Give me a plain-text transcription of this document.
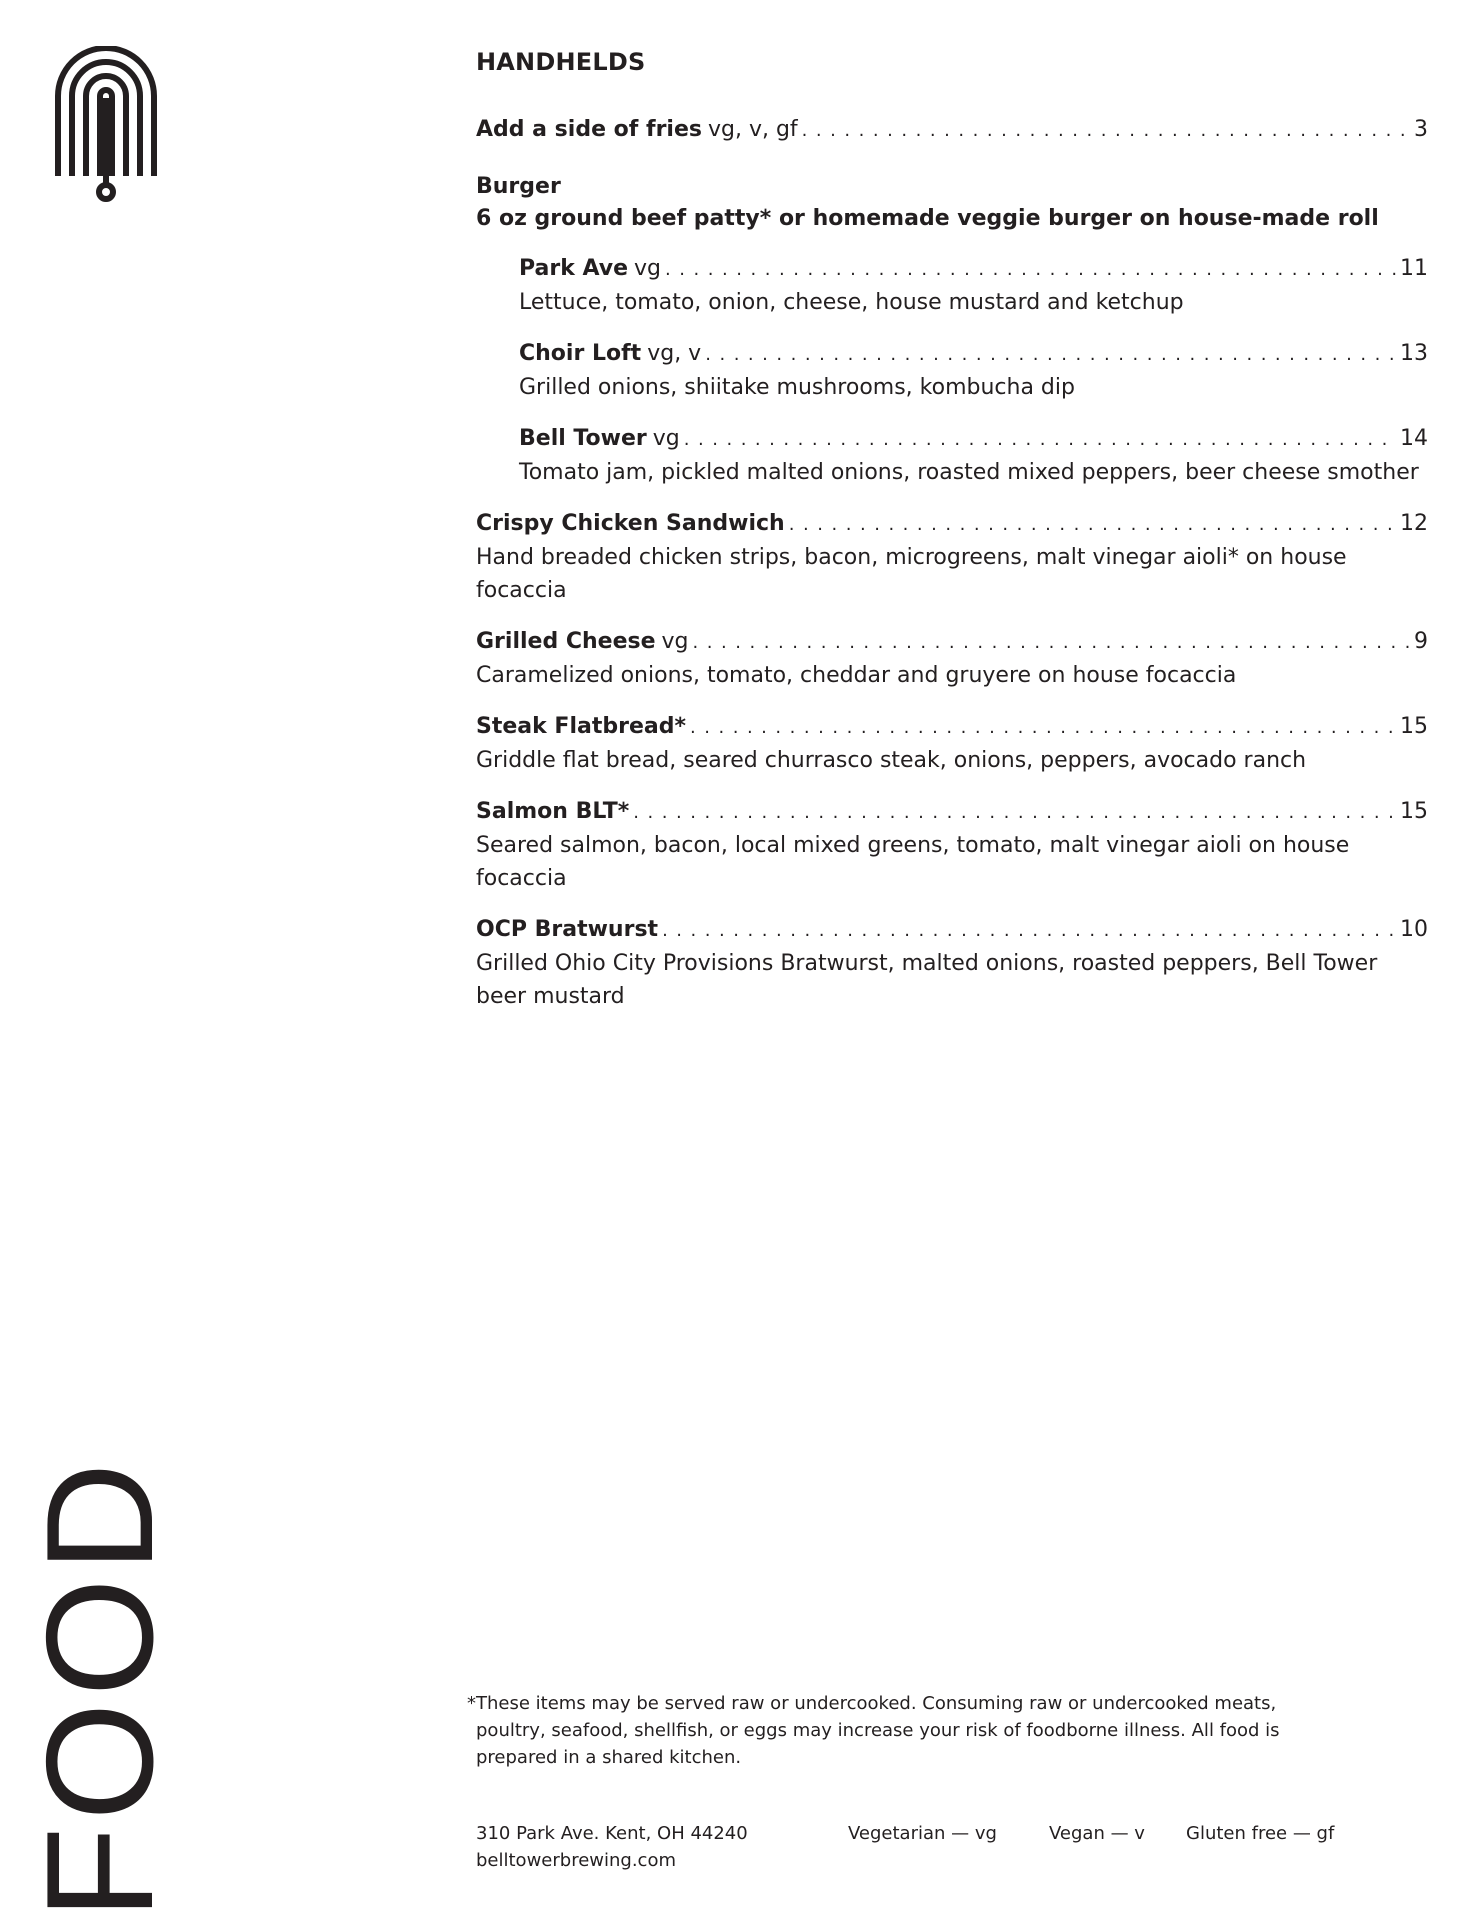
FOOD
HANDHELDS
Add a side of fries vg, v, gf . . .	3
Burger
6 oz ground beef patty* or homemade veggie burger on house-made roll
Park Ave vg . . .	11
Lettuce, tomato, onion, cheese, house mustard and ketchup
Choir Loft vg, v . . .	13
Grilled onions, shiitake mushrooms, kombucha dip
Bell Tower vg . . .	14
Tomato jam, pickled malted onions, roasted mixed peppers, beer cheese smother
Crispy Chicken Sandwich . . .	12
Hand breaded chicken strips, bacon, microgreens, malt vinegar aioli* on house focaccia
Grilled Cheese vg . . .	9
Caramelized onions, tomato, cheddar and gruyere on house focaccia
Steak Flatbread* . . .	15
Griddle flat bread, seared churrasco steak, onions, peppers, avocado ranch
Salmon BLT* . . .	15
Seared salmon, bacon, local mixed greens, tomato, malt vinegar aioli on house focaccia
OCP Bratwurst . . .	10
Grilled Ohio City Provisions Bratwurst, malted onions, roasted peppers, Bell Tower beer mustard

*These items may be served raw or undercooked. Consuming raw or undercooked meats,

poultry, seafood, shellfish, or eggs may increase your risk of foodborne illness. All food is

prepared in a shared kitchen.

310 Park Ave. Kent, OH 44240
belltowerbrewing.com
Vegetarian — vg	Vegan — v Gluten free — gf
